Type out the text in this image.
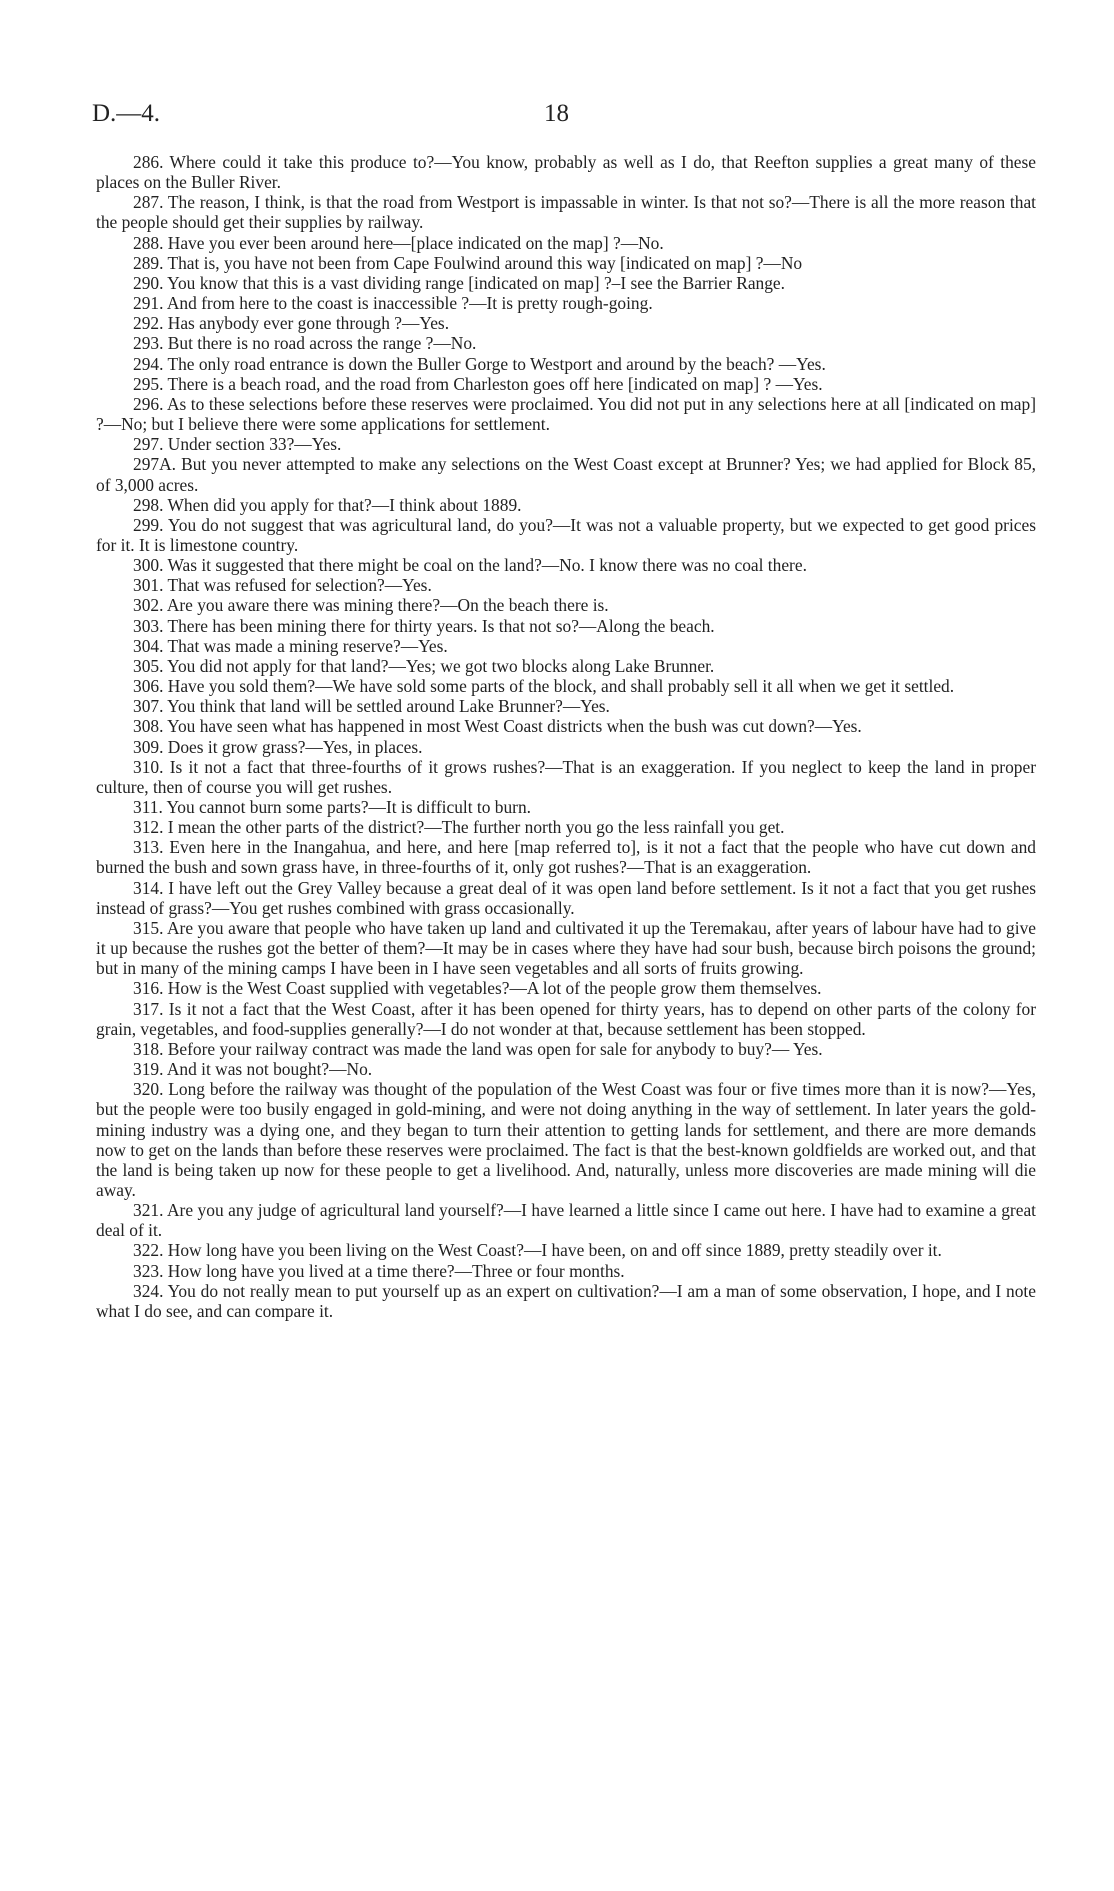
D.—4.	18

286. Where could it take this produce to?—You know, probably as well as I do, that Reefton supplies a great many of these places on the Buller River.

287. The reason, I think, is that the road from Westport is impassable in winter. Is that not so?—There is all the more reason that the people should get their supplies by railway.

288. Have you ever been around here—[place indicated on the map] ?—No.

289. That is, you have not been from Cape Foulwind around this way [indicated on map] ?—No

290. You know that this is a vast dividing range [indicated on map] ?–I see the Barrier Range.

291. And from here to the coast is inaccessible ?—It is pretty rough-going.

292. Has anybody ever gone through ?—Yes.

293. But there is no road across the range ?—No.

294. The only road entrance is down the Buller Gorge to Westport and around by the beach? —Yes.

295. There is a beach road, and the road from Charleston goes off here [indicated on map] ? —Yes.

296. As to these selections before these reserves were proclaimed. You did not put in any selections here at all [indicated on map] ?—No; but I believe there were some applications for settlement.

297. Under section 33?—Yes.

297A. But you never attempted to make any selections on the West Coast except at Brunner? Yes; we had applied for Block 85, of 3,000 acres.

298. When did you apply for that?—I think about 1889.

299. You do not suggest that was agricultural land, do you?—It was not a valuable property, but we expected to get good prices for it. It is limestone country.

300. Was it suggested that there might be coal on the land?—No. I know there was no coal there.

301. That was refused for selection?—Yes.

302. Are you aware there was mining there?—On the beach there is.

303. There has been mining there for thirty years. Is that not so?—Along the beach.

304. That was made a mining reserve?—Yes.

305. You did not apply for that land?—Yes; we got two blocks along Lake Brunner.

306. Have you sold them?—We have sold some parts of the block, and shall probably sell it all when we get it settled.

307. You think that land will be settled around Lake Brunner?—Yes.

308. You have seen what has happened in most West Coast districts when the bush was cut down?—Yes.

309. Does it grow grass?—Yes, in places.

310. Is it not a fact that three-fourths of it grows rushes?—That is an exaggeration. If you neglect to keep the land in proper culture, then of course you will get rushes.

311. You cannot burn some parts?—It is difficult to burn.

312. I mean the other parts of the district?—The further north you go the less rainfall you get.

313. Even here in the Inangahua, and here, and here [map referred to], is it not a fact that the people who have cut down and burned the bush and sown grass have, in three-fourths of it, only got rushes?—That is an exaggeration.

314. I have left out the Grey Valley because a great deal of it was open land before settlement. Is it not a fact that you get rushes instead of grass?—You get rushes combined with grass occasionally.

315. Are you aware that people who have taken up land and cultivated it up the Teremakau, after years of labour have had to give it up because the rushes got the better of them?—It may be in cases where they have had sour bush, because birch poisons the ground; but in many of the mining camps I have been in I have seen vegetables and all sorts of fruits growing.

316. How is the West Coast supplied with vegetables?—A lot of the people grow them themselves.

317. Is it not a fact that the West Coast, after it has been opened for thirty years, has to depend on other parts of the colony for grain, vegetables, and food-supplies generally?—I do not wonder at that, because settlement has been stopped.

318. Before your railway contract was made the land was open for sale for anybody to buy?— Yes.

319. And it was not bought?—No.

320. Long before the railway was thought of the population of the West Coast was four or five times more than it is now?—Yes, but the people were too busily engaged in gold-mining, and were not doing anything in the way of settlement. In later years the gold-mining industry was a dying one, and they began to turn their attention to getting lands for settlement, and there are more demands now to get on the lands than before these reserves were proclaimed. The fact is that the best-known goldfields are worked out, and that the land is being taken up now for these people to get a livelihood. And, naturally, unless more discoveries are made mining will die away.

321. Are you any judge of agricultural land yourself?—I have learned a little since I came out here. I have had to examine a great deal of it.

322. How long have you been living on the West Coast?—I have been, on and off since 1889, pretty steadily over it.

323. How long have you lived at a time there?—Three or four months.

324. You do not really mean to put yourself up as an expert on cultivation?—I am a man of some observation, I hope, and I note what I do see, and can compare it.
